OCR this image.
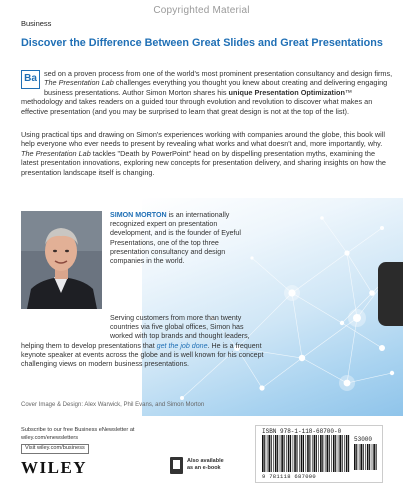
Copyrighted Material
Business
Discover the Difference Between Great Slides and Great Presentations
Ba sed on a proven process from one of the world's most prominent presentation consultancy and design firms, The Presentation Lab challenges everything you thought you knew about creating and delivering engaging business presentations. Author Simon Morton shares his unique Presentation Optimization™ methodology and takes readers on a guided tour through evolution and revolution to discover what makes an effective presentation (and you may be surprised to learn that great design is not at the top of the list).
Using practical tips and drawing on Simon's experiences working with companies around the globe, this book will help everyone who ever needs to present by revealing what works and what doesn't and, more importantly, why. The Presentation Lab tackles "Death by PowerPoint" head on by dispelling presentation myths, examining the latest presentation innovations, exploring new concepts for presentation delivery, and sharing insights on how the presentation landscape itself is changing.
SIMON MORTON is an internationally recognized expert on presentation development, and is the founder of Eyeful Presentations, one of the top three presentation consultancy and design companies in the world.
Serving customers from more than twenty countries via five global offices, Simon has worked with top brands and thought leaders,
helping them to develop presentations that get the job done. He is a frequent keynote speaker at events across the globe and is well known for his concept challenging views on modern business presentations.
Cover Image & Design: Alex Warwick, Phil Evans, and Simon Morton
Subscribe to our free Business eNewsletter at
wiley.com/enewsletters
Visit wiley.com/business
WILEY	Also available
as an e-book
ISBN 978-1-118-68700-0
53000
9 781118 687000
